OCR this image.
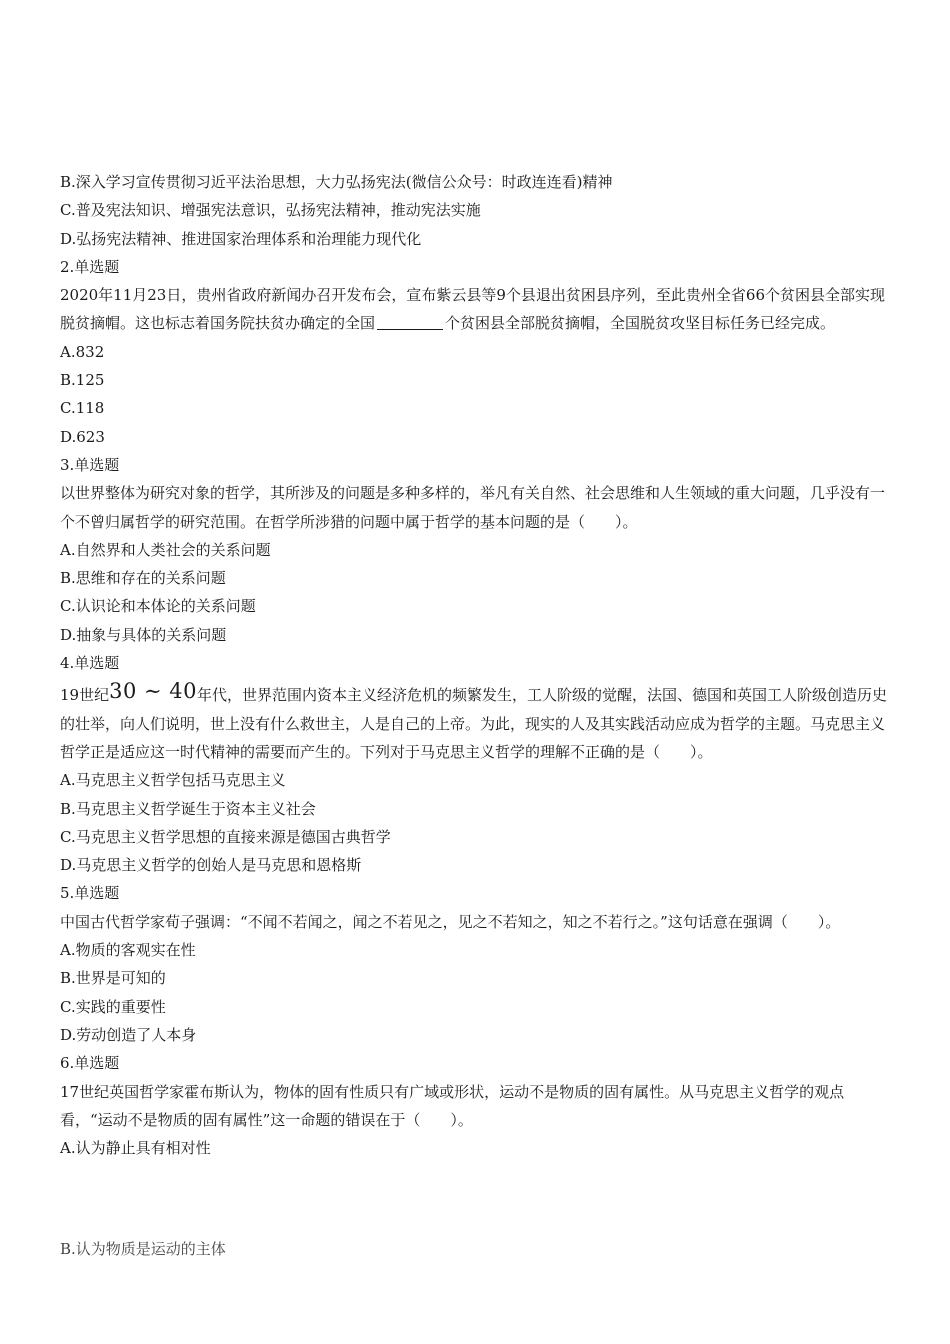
B.深入学习宣传贯彻习近平法治思想，大力弘扬宪法(微信公众号：时政连连看)精神
C.普及宪法知识、增强宪法意识，弘扬宪法精神，推动宪法实施
D.弘扬宪法精神、推进国家治理体系和治理能力现代化
2.单选题
2020年11月23日，贵州省政府新闻办召开发布会，宣布紫云县等9个县退出贫困县序列，至此贵州全省66个贫困县全部实现脱贫摘帽。这也标志着国务院扶贫办确定的全国	个贫困县全部脱贫摘帽，全国脱贫攻坚目标任务已经完成。
A.832
B.125
C.118
D.623
3.单选题
以世界整体为研究对象的哲学，其所涉及的问题是多种多样的，举凡有关自然、社会思维和人生领域的重大问题，几乎没有一个不曾归属哲学的研究范围。在哲学所涉猎的问题中属于哲学的基本问题的是（　　）。
A.自然界和人类社会的关系问题
B.思维和存在的关系问题
C.认识论和本体论的关系问题
D.抽象与具体的关系问题
4.单选题
19世纪30 ∼ 40年代，世界范围内资本主义经济危机的频繁发生，工人阶级的觉醒，法国、德国和英国工人阶级创造历史的壮举，向人们说明，世上没有什么救世主，人是自己的上帝。为此，现实的人及其实践活动应成为哲学的主题。马克思主义哲学正是适应这一时代精神的需要而产生的。下列对于马克思主义哲学的理解不正确的是（　　）。
A.马克思主义哲学包括马克思主义
B.马克思主义哲学诞生于资本主义社会
C.马克思主义哲学思想的直接来源是德国古典哲学
D.马克思主义哲学的创始人是马克思和恩格斯
5.单选题
中国古代哲学家荀子强调：“不闻不若闻之，闻之不若见之，见之不若知之，知之不若行之。”这句话意在强调（　　）。
A.物质的客观实在性
B.世界是可知的
C.实践的重要性
D.劳动创造了人本身
6.单选题
17世纪英国哲学家霍布斯认为，物体的固有性质只有广域或形状，运动不是物质的固有属性。从马克思主义哲学的观点看，“运动不是物质的固有属性”这一命题的错误在于（　　）。
A.认为静止具有相对性
B.认为物质是运动的主体
